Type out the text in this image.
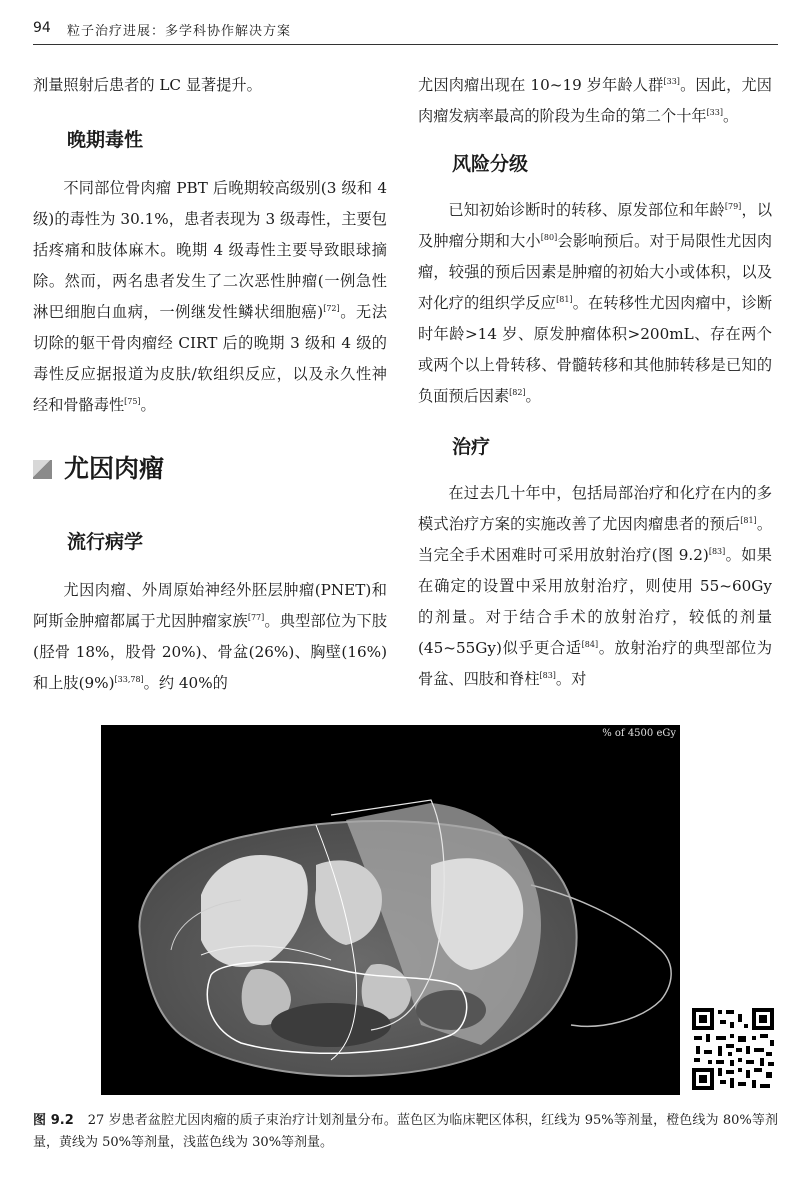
94 粒子治疗进展：多学科协作解决方案

剂量照射后患者的 LC 显著提升。

晚期毒性

不同部位骨肉瘤 PBT 后晚期较高级别(3 级和 4 级)的毒性为 30.1%，患者表现为 3 级毒性，主要包括疼痛和肢体麻木。晚期 4 级毒性主要导致眼球摘除。然而，两名患者发生了二次恶性肿瘤(一例急性淋巴细胞白血病，一例继发性鳞状细胞癌)[72]。无法切除的躯干骨肉瘤经 CIRT 后的晚期 3 级和 4 级的毒性反应据报道为皮肤/软组织反应，以及永久性神经和骨骼毒性[75]。

尤因肉瘤
流行病学

尤因肉瘤、外周原始神经外胚层肿瘤(PNET)和阿斯金肿瘤都属于尤因肿瘤家族[77]。典型部位为下肢 (胫骨 18%，股骨 20%)、骨盆(26%)、胸壁(16%)和上肢(9%)[33,78]。约 40%的

尤因肉瘤出现在 10~19 岁年龄人群[33]。因此，尤因肉瘤发病率最高的阶段为生命的第二个十年[33]。

风险分级

已知初始诊断时的转移、原发部位和年龄[79]，以及肿瘤分期和大小[80]会影响预后。对于局限性尤因肉瘤，较强的预后因素是肿瘤的初始大小或体积，以及对化疗的组织学反应[81]。在转移性尤因肉瘤中，诊断时年龄>14 岁、原发肿瘤体积>200mL、存在两个或两个以上骨转移、骨髓转移和其他肺转移是已知的负面预后因素[82]。

治疗

在过去几十年中，包括局部治疗和化疗在内的多模式治疗方案的实施改善了尤因肉瘤患者的预后[81]。当完全手术困难时可采用放射治疗(图 9.2)[83]。如果在确定的设置中采用放射治疗，则使用 55~60Gy 的剂量。对于结合手术的放射治疗，较低的剂量(45~55Gy)似乎更合适[84]。放射治疗的典型部位为骨盆、四肢和脊柱[83]。对

% of 4500 eGy

图 9.2 27 岁患者盆腔尤因肉瘤的质子束治疗计划剂量分布。蓝色区为临床靶区体积，红线为 95%等剂量，橙色线为 80%等剂量，黄线为 50%等剂量，浅蓝色线为 30%等剂量。
